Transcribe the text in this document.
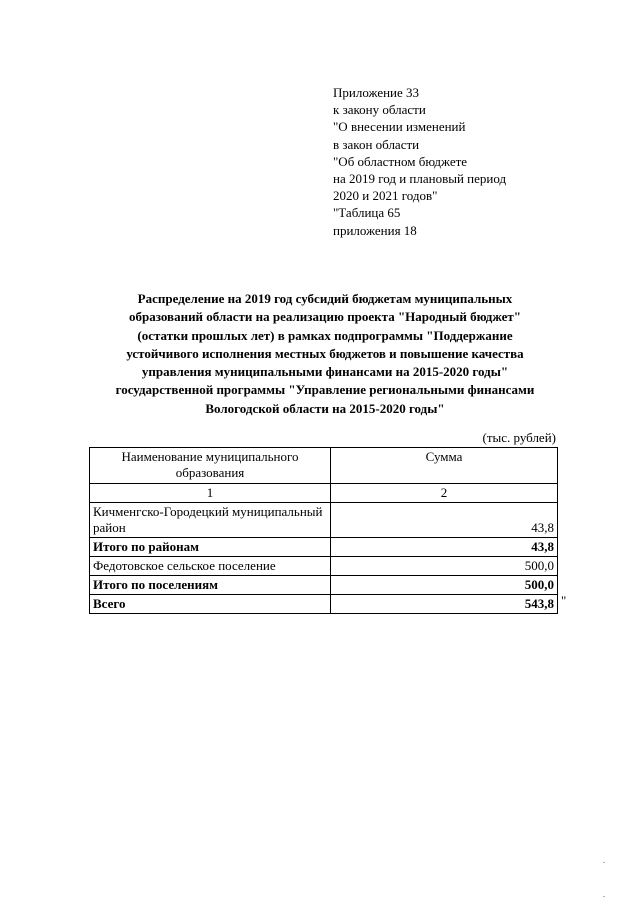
Приложение 33
к закону области
"О внесении изменений
в закон области
"Об областном бюджете
на 2019 год и плановый период
2020 и 2021 годов"
"Таблица 65
приложения 18
Распределение на 2019 год субсидий бюджетам муниципальных
образований области на реализацию проекта "Народный бюджет"
(остатки прошлых лет) в рамках подпрограммы "Поддержание
устойчивого исполнения местных бюджетов и повышение качества
управления муниципальными финансами на 2015-2020 годы"
государственной программы "Управление региональными финансами
Вологодской области на 2015-2020 годы"
(тыс. рублей)
Наименование муниципального образования	Сумма
1	2
Кичменгско-Городецкий муниципальный район	43,8
Итого по районам	43,8
Федотовское сельское поселение	500,0
Итого по поселениям	500,0
Всего	543,8 "
.
.
